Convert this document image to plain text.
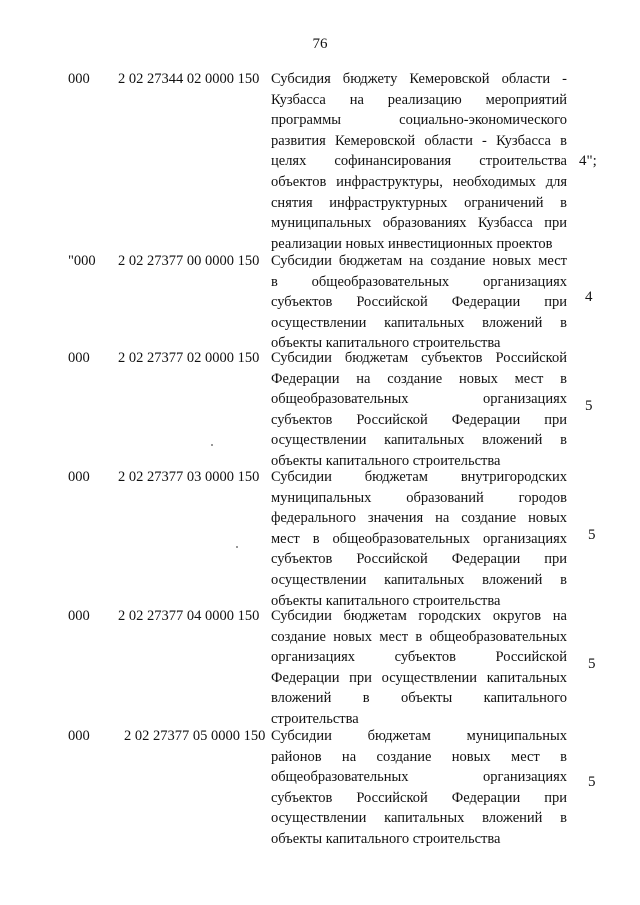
76
000 2 02 27344 02 0000 150 Субсидия бюджету Кемеровской области -
Кузбасса на реализацию мероприятий
программы социально-экономического
развития Кемеровской области - Кузбасса в
целях софинансирования строительства
объектов инфраструктуры, необходимых для
снятия инфраструктурных ограничений в
муниципальных образованиях Кузбасса при
реализации новых инвестиционных проектов
4";
"000 2 02 27377 00 0000 150 Субсидии бюджетам на создание новых мест
в общеобразовательных организациях
субъектов Российской Федерации при
осуществлении капитальных вложений в
объекты капитального строительства
4
000 2 02 27377 02 0000 150 Субсидии бюджетам субъектов Российской
Федерации на создание новых мест в
общеобразовательных организациях
субъектов Российской Федерации при
осуществлении капитальных вложений в
объекты капитального строительства
5
000 2 02 27377 03 0000 150 Субсидии бюджетам внутригородских
муниципальных образований городов
федерального значения на создание новых
мест в общеобразовательных организациях
субъектов Российской Федерации при
осуществлении капитальных вложений в
объекты капитального строительства
5
000 2 02 27377 04 0000 150 Субсидии бюджетам городских округов на
создание новых мест в общеобразовательных
организациях субъектов Российской
Федерации при осуществлении капитальных
вложений в объекты капитального
строительства
5
000 2 02 27377 05 0000 150 Субсидии бюджетам муниципальных
районов на создание новых мест в
общеобразовательных организациях
субъектов Российской Федерации при
осуществлении капитальных вложений в
объекты капитального строительства
5
